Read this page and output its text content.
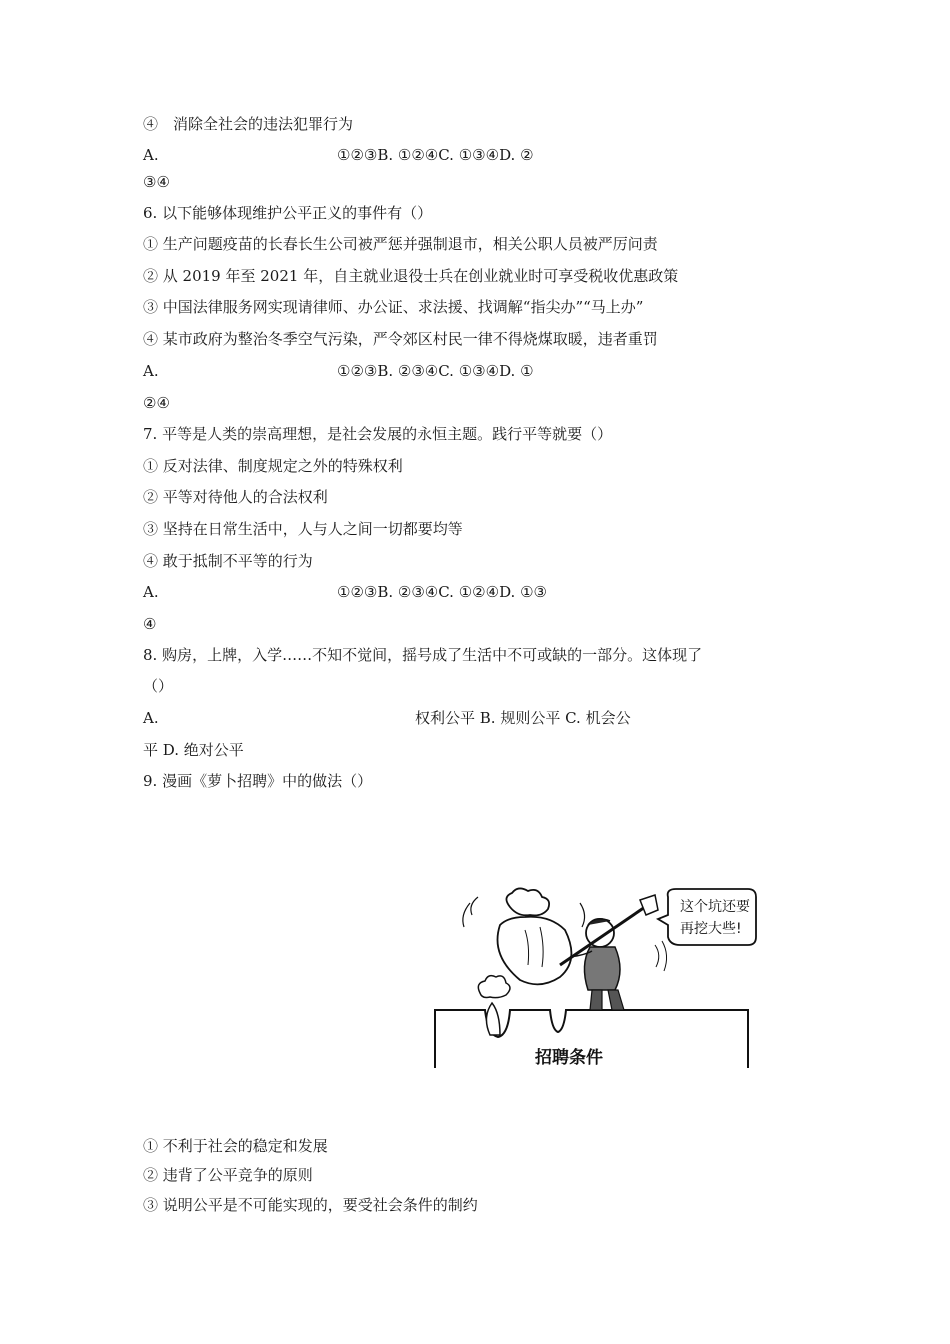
④　消除全社会的违法犯罪行为
A.	①②③B. ①②④C. ①③④D. ②
③④
6. 以下能够体现维护公平正义的事件有（）
① 生产问题疫苗的长春长生公司被严惩并强制退市，相关公职人员被严厉问责
② 从 2019 年至 2021 年，自主就业退役士兵在创业就业时可享受税收优惠政策
③ 中国法律服务网实现请律师、办公证、求法援、找调解“指尖办”“马上办”
④ 某市政府为整治冬季空气污染，严令郊区村民一律不得烧煤取暖，违者重罚
A.	①②③B. ②③④C. ①③④D. ①
②④
7. 平等是人类的崇高理想，是社会发展的永恒主题。践行平等就要（）
① 反对法律、制度规定之外的特殊权利
② 平等对待他人的合法权利
③ 坚持在日常生活中，人与人之间一切都要均等
④ 敢于抵制不平等的行为
A.	①②③B. ②③④C. ①②④D. ①③
④
8. 购房，上牌，入学……不知不觉间，摇号成了生活中不可或缺的一部分。这体现了
（）
A.	权利公平 B. 规则公平 C. 机会公
平 D. 绝对公平
9. 漫画《萝卜招聘》中的做法（）
招聘条件
这个坑还要
再挖大些!
① 不利于社会的稳定和发展
② 违背了公平竞争的原则
③ 说明公平是不可能实现的，要受社会条件的制约
